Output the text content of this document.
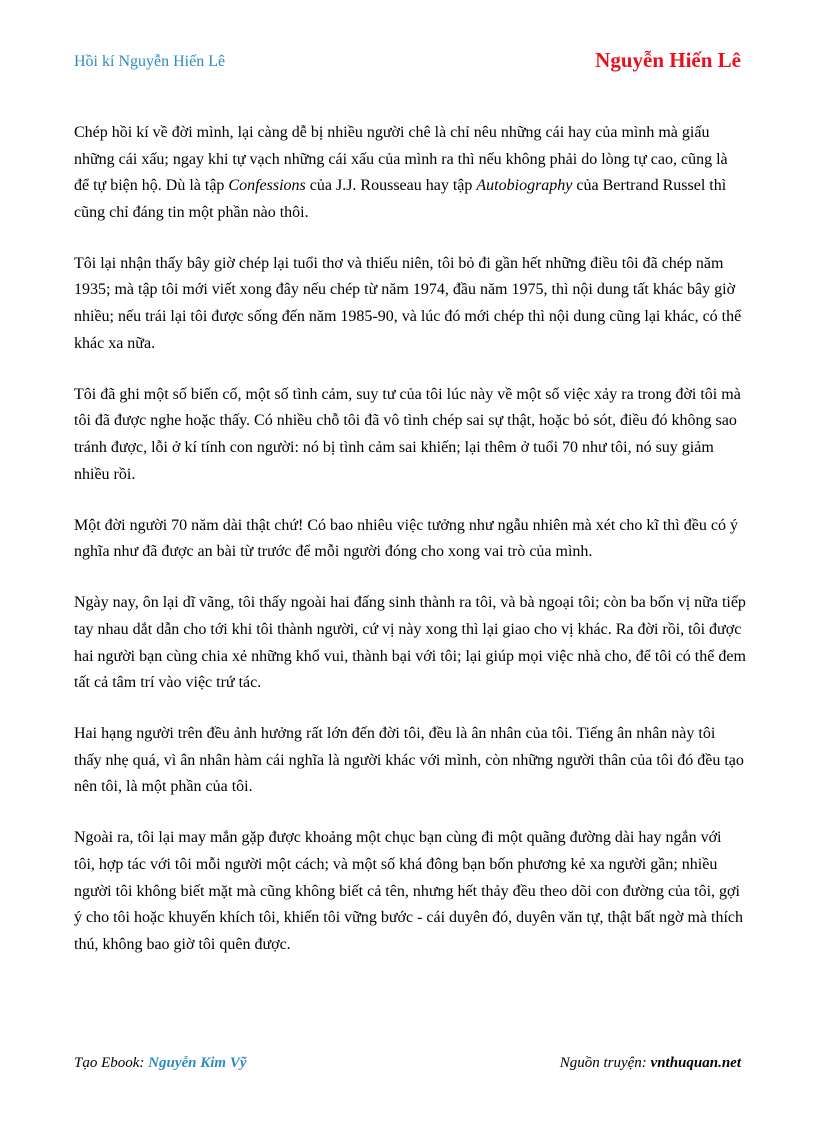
Hồi kí Nguyễn Hiến Lê	Nguyễn Hiến Lê

Chép hồi kí về đời mình, lại càng dễ bị nhiều người chê là chỉ nêu những cái hay của mình mà giấu những cái xấu; ngay khi tự vạch những cái xấu của mình ra thì nếu không phải do lòng tự cao, cũng là để tự biện hộ. Dù là tập Confessions của J.J. Rousseau hay tập Autobiography của Bertrand Russel thì cũng chỉ đáng tin một phần nào thôi.

Tôi lại nhận thấy bây giờ chép lại tuổi thơ và thiếu niên, tôi bỏ đi gần hết những điều tôi đã chép năm 1935; mà tập tôi mới viết xong đây nếu chép từ năm 1974, đầu năm 1975, thì nội dung tất khác bây giờ nhiều; nếu trái lại tôi được sống đến năm 1985-90, và lúc đó mới chép thì nội dung cũng lại khác, có thể khác xa nữa.

Tôi đã ghi một số biến cố, một số tình cảm, suy tư của tôi lúc này về một số việc xảy ra trong đời tôi mà tôi đã được nghe hoặc thấy. Có nhiều chỗ tôi đã vô tình chép sai sự thật, hoặc bỏ sót, điều đó không sao tránh được, lỗi ở kí tính con người: nó bị tình cảm sai khiến; lại thêm ở tuổi 70 như tôi, nó suy giảm nhiều rồi.

Một đời người 70 năm dài thật chứ! Có bao nhiêu việc tưởng như ngẫu nhiên mà xét cho kĩ thì đều có ý nghĩa như đã được an bài từ trước để mỗi người đóng cho xong vai trò của mình.

Ngày nay, ôn lại dĩ vãng, tôi thấy ngoài hai đấng sinh thành ra tôi, và bà ngoại tôi; còn ba bốn vị nữa tiếp tay nhau dắt dẫn cho tới khi tôi thành người, cứ vị này xong thì lại giao cho vị khác. Ra đời rồi, tôi được hai người bạn cùng chia xẻ những khổ vui, thành bại với tôi; lại giúp mọi việc nhà cho, để tôi có thể đem tất cả tâm trí vào việc trứ tác.

Hai hạng người trên đều ảnh hưởng rất lớn đến đời tôi, đều là ân nhân của tôi. Tiếng ân nhân này tôi thấy nhẹ quá, vì ân nhân hàm cái nghĩa là người khác với mình, còn những người thân của tôi đó đều tạo nên tôi, là một phần của tôi.

Ngoài ra, tôi lại may mắn gặp được khoảng một chục bạn cùng đi một quãng đường dài hay ngắn với tôi, hợp tác với tôi mỗi người một cách; và một số khá đông bạn bốn phương kẻ xa người gần; nhiều người tôi không biết mặt mà cũng không biết cả tên, nhưng hết thảy đều theo dõi con đường của tôi, gợi ý cho tôi hoặc khuyến khích tôi, khiến tôi vững bước - cái duyên đó, duyên văn tự, thật bất ngờ mà thích thú, không bao giờ tôi quên được.

Tạo Ebook: Nguyễn Kim Vỹ	Nguồn truyện: vnthuquan.net
